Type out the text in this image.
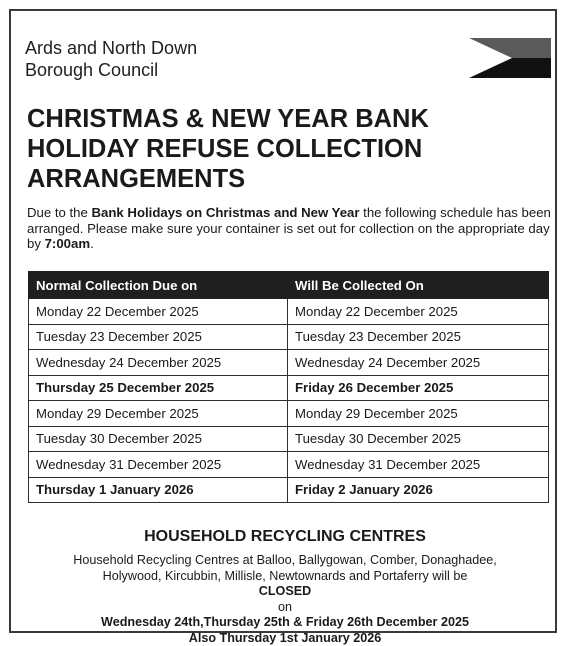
Ards and North Down
Borough Council
CHRISTMAS & NEW YEAR BANK
HOLIDAY REFUSE COLLECTION
ARRANGEMENTS

Due to the Bank Holidays on Christmas and New Year the following schedule has been arranged. Please make sure your container is set out for collection on the appropriate day by 7:00am.

Normal Collection Due on	Will Be Collected On
Monday 22 December 2025	Monday 22 December 2025
Tuesday 23 December 2025	Tuesday 23 December 2025
Wednesday 24 December 2025	Wednesday 24 December 2025
Thursday 25 December 2025	Friday 26 December 2025
Monday 29 December 2025	Monday 29 December 2025
Tuesday 30 December 2025	Tuesday 30 December 2025
Wednesday 31 December 2025	Wednesday 31 December 2025
Thursday 1 January 2026	Friday 2 January 2026
HOUSEHOLD RECYCLING CENTRES
Household Recycling Centres at Balloo, Ballygowan, Comber, Donaghadee,
Holywood, Kircubbin, Millisle, Newtownards and Portaferry will be
CLOSED
on
Wednesday 24th,Thursday 25th & Friday 26th December 2025
Also Thursday 1st January 2026
